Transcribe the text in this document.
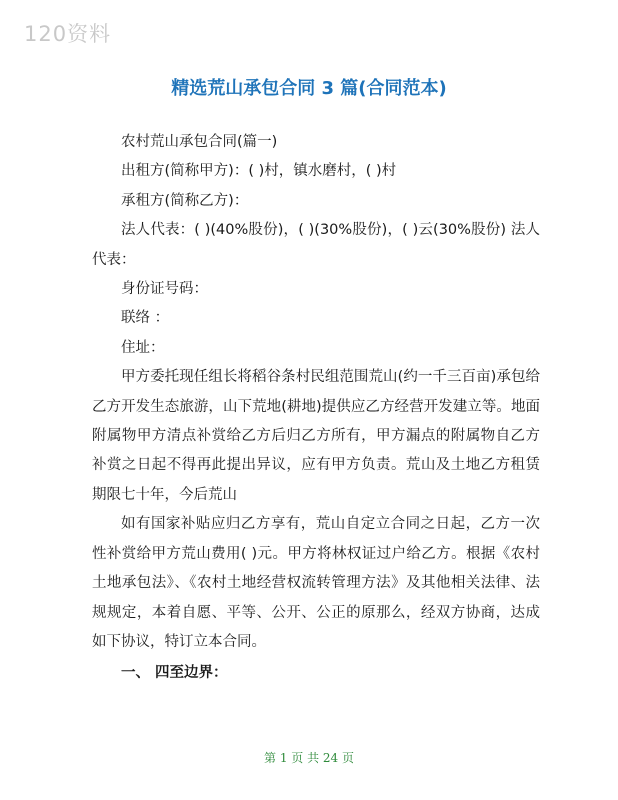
120资料
精选荒山承包合同 3 篇(合同范本)

农村荒山承包合同(篇一)

出租方(简称甲方)：( )村，镇水磨村，( )村

承租方(简称乙方)：

法人代表：( )(40%股份)，( )(30%股份)，( )云(30%股份) 法人代表：

身份证号码：

联络 ：

住址：

甲方委托现任组长将稻谷条村民组范围荒山(约一千三百亩)承包给乙方开发生态旅游，山下荒地(耕地)提供应乙方经营开发建立等。地面附属物甲方清点补赏给乙方后归乙方所有，甲方漏点的附属物自乙方补赏之日起不得再此提出异议，应有甲方负责。荒山及土地乙方租赁期限七十年，今后荒山

如有国家补贴应归乙方享有，荒山自定立合同之日起，乙方一次性补赏给甲方荒山费用( )元。甲方将林权证过户给乙方。根据《农村土地承包法》、《农村土地经营权流转管理方法》及其他相关法律、法规规定，本着自愿、平等、公开、公正的原那么，经双方协商，达成如下协议，特订立本合同。

一、 四至边界：

第 1 页 共 24 页
